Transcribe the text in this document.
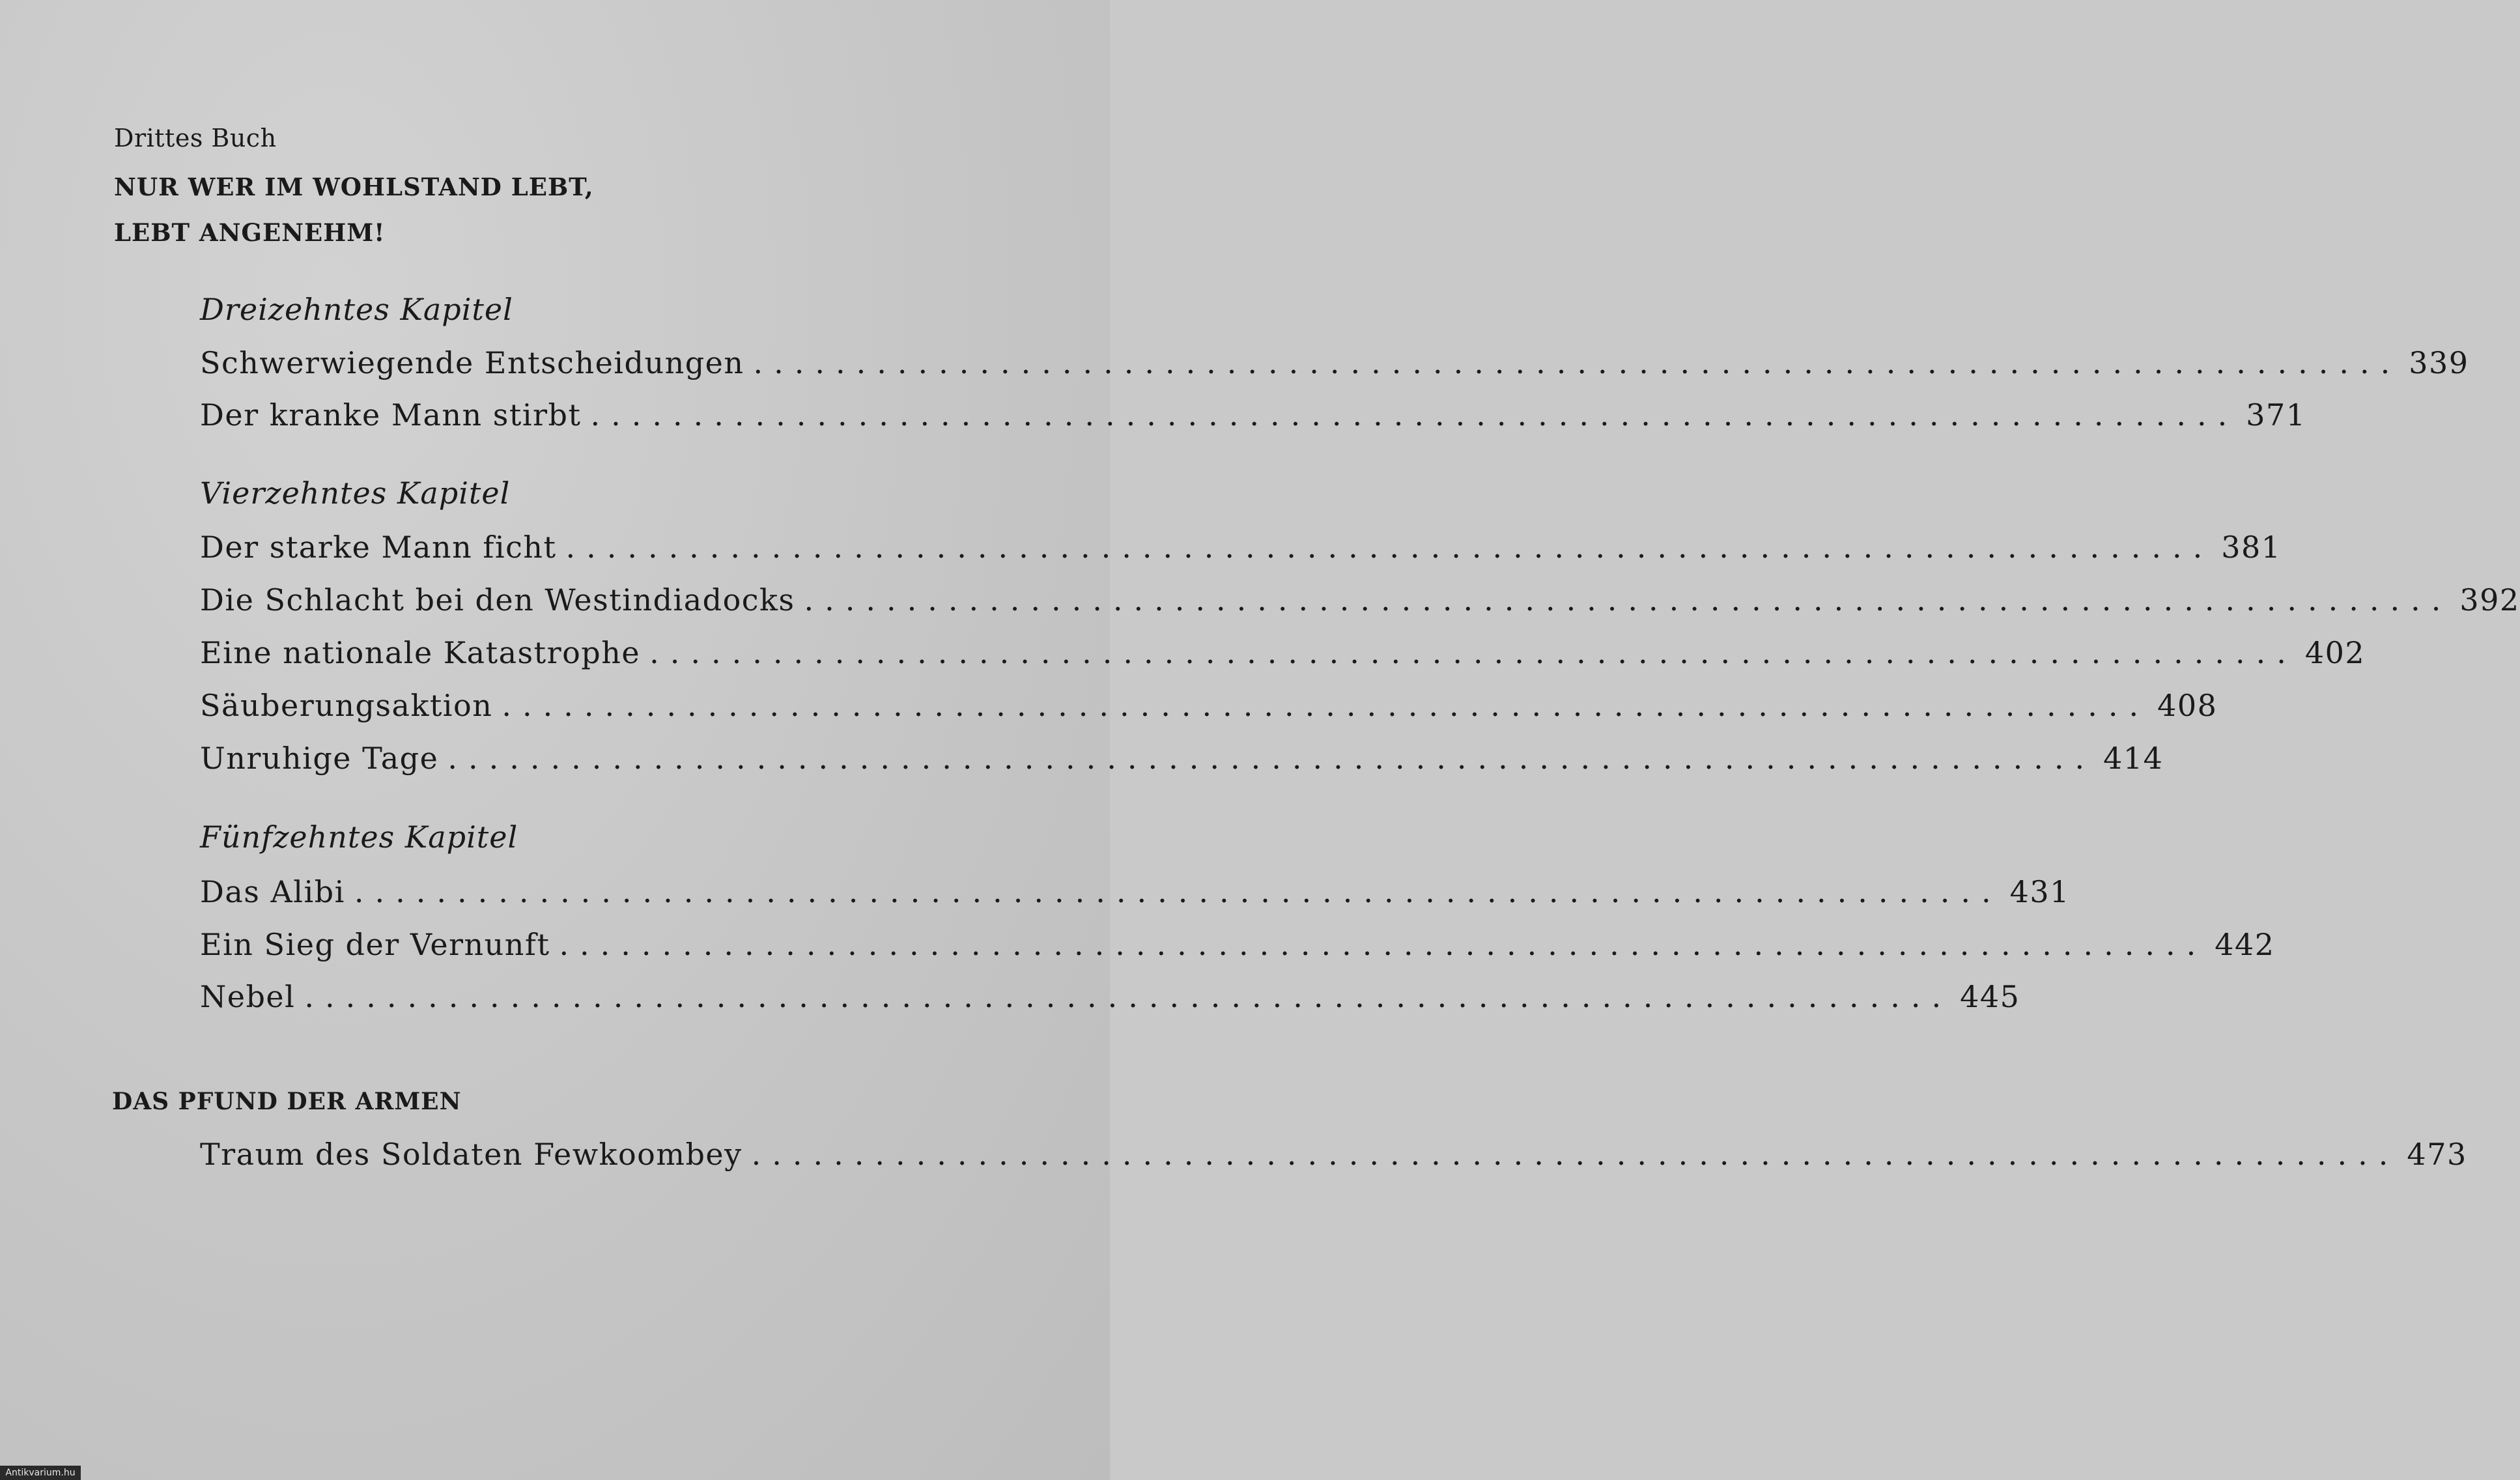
Drittes Buch
NUR WER IM WOHLSTAND LEBT,
LEBT ANGENEHM!
Dreizehntes Kapitel
Schwerwiegende Entscheidungen ................................................................................ 339
Der kranke Mann stirbt ................................................................................ 371
Vierzehntes Kapitel
Der starke Mann ficht ................................................................................ 381
Die Schlacht bei den Westindiadocks ................................................................................ 392
Eine nationale Katastrophe ................................................................................ 402
Säuberungsaktion ................................................................................ 408
Unruhige Tage ................................................................................ 414
Fünfzehntes Kapitel
Das Alibi ................................................................................ 431
Ein Sieg der Vernunft ................................................................................ 442
Nebel ................................................................................ 445
DAS PFUND DER ARMEN
Traum des Soldaten Fewkoombey ................................................................................ 473
Antikvarium.hu
